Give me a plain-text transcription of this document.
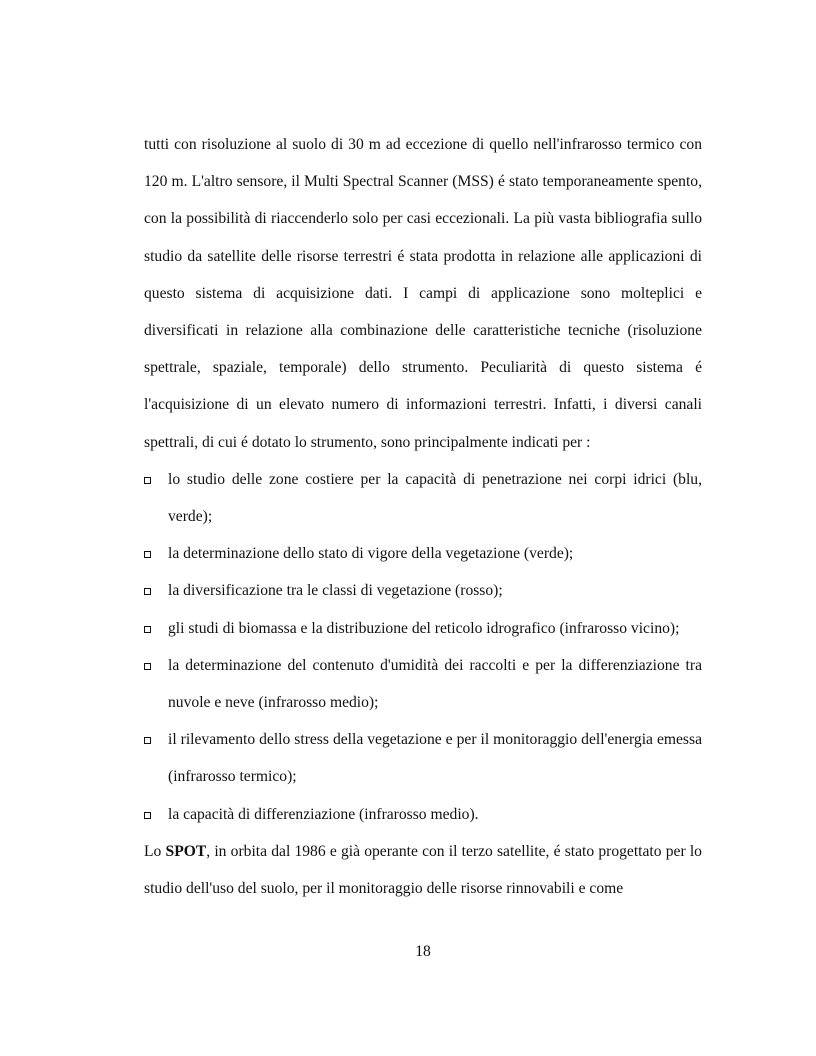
tutti con risoluzione al suolo di 30 m ad eccezione di quello nell'infrarosso termico con 120 m. L'altro sensore, il Multi Spectral Scanner (MSS) é stato temporaneamente spento, con la possibilità di riaccenderlo solo per casi eccezionali. La più vasta bibliografia sullo studio da satellite delle risorse terrestri é stata prodotta in relazione alle applicazioni di questo sistema di acquisizione dati. I campi di applicazione sono molteplici e diversificati in relazione alla combinazione delle caratteristiche tecniche (risoluzione spettrale, spaziale, temporale) dello strumento. Peculiarità di questo sistema é l'acquisizione di un elevato numero di informazioni terrestri. Infatti, i diversi canali spettrali, di cui é dotato lo strumento, sono principalmente indicati per :

lo studio delle zone costiere per la capacità di penetrazione nei corpi idrici (blu, verde);
la determinazione dello stato di vigore della vegetazione (verde);
la diversificazione tra le classi di vegetazione (rosso);
gli studi di biomassa e la distribuzione del reticolo idrografico (infrarosso vicino);
la determinazione del contenuto d'umidità dei raccolti e per la differenziazione tra nuvole e neve (infrarosso medio);
il rilevamento dello stress della vegetazione e per il monitoraggio dell'energia emessa (infrarosso termico);
la capacità di differenziazione (infrarosso medio).

Lo SPOT, in orbita dal 1986 e già operante con il terzo satellite, é stato progettato per lo studio dell'uso del suolo, per il monitoraggio delle risorse rinnovabili e come

18
